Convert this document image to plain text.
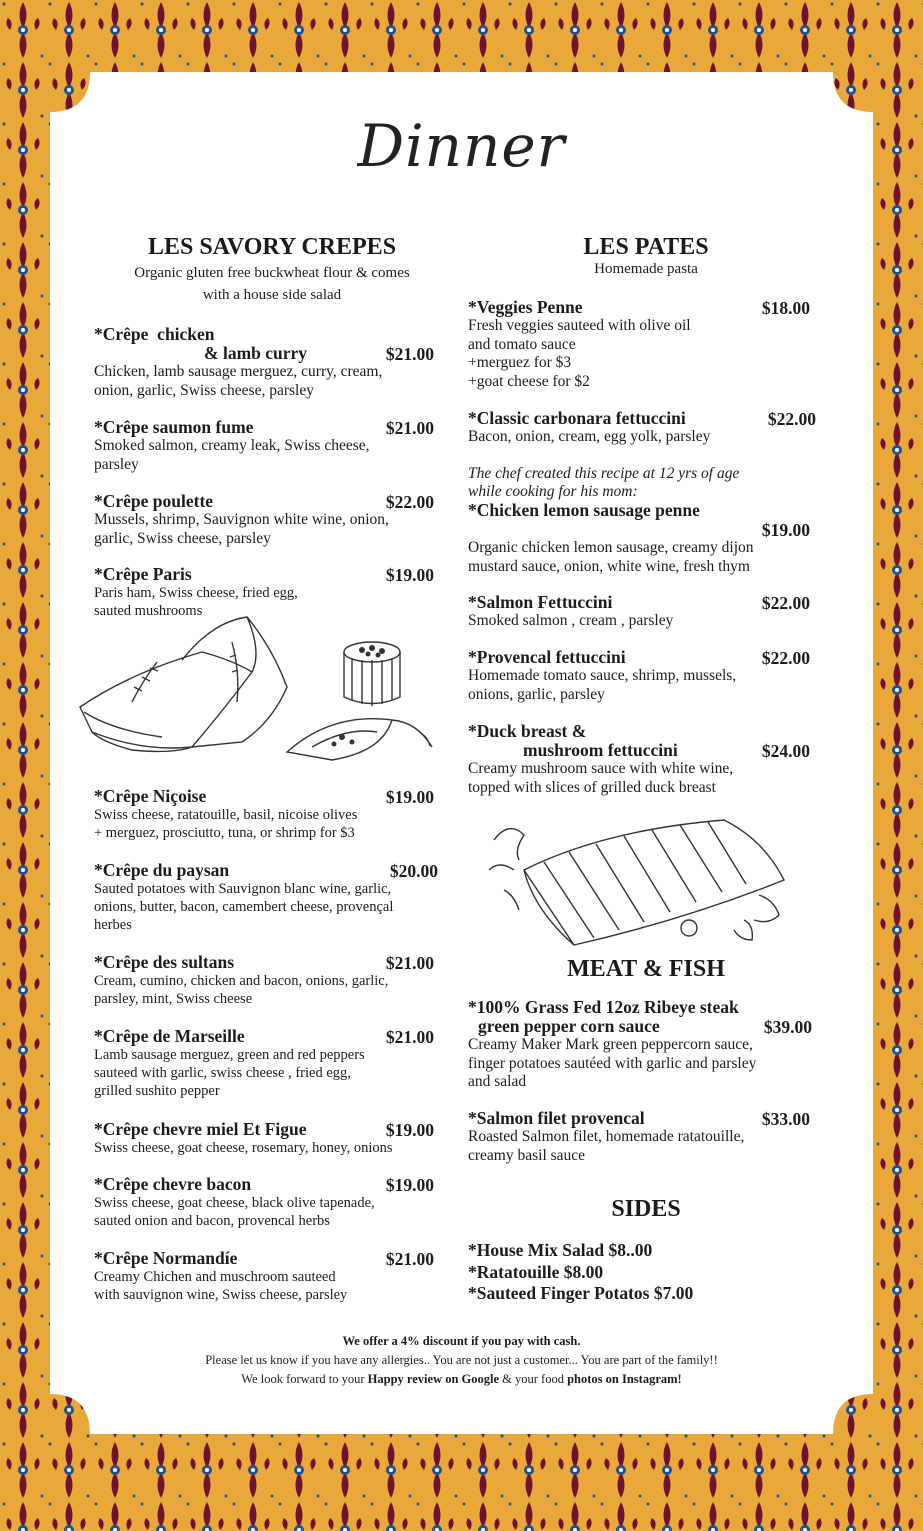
Dinner
LES SAVORY CREPES
Organic gluten free buckwheat flour & comes
with a house side salad
*Crêpe  chicken
& lamb curry	$21.00
Chicken, lamb sausage merguez, curry, cream,
onion, garlic, Swiss cheese, parsley
*Crêpe saumon fume	$21.00
Smoked salmon, creamy leak, Swiss cheese,
parsley
*Crêpe poulette	$22.00
Mussels, shrimp, Sauvignon white wine, onion,
garlic, Swiss cheese, parsley
*Crêpe Paris	$19.00
Paris ham, Swiss cheese, fried egg,
sauted mushrooms
*Crêpe Niçoise	$19.00
Swiss cheese, ratatouille, basil, nicoise olives
+ merguez, prosciutto, tuna, or shrimp for $3
*Crêpe du paysan	$20.00
Sauted potatoes with Sauvignon blanc wine, garlic,
onions, butter, bacon, camembert cheese, provençal
herbes
*Crêpe des sultans	$21.00
Cream, cumino, chicken and bacon, onions, garlic,
parsley, mint, Swiss cheese
*Crêpe de Marseille	$21.00
Lamb sausage merguez, green and red peppers
sauteed with garlic, swiss cheese , fried egg,
grilled sushito pepper
*Crêpe chevre miel Et Figue	$19.00
Swiss cheese, goat cheese, rosemary, honey, onions
*Crêpe chevre bacon	$19.00
Swiss cheese, goat cheese, black olive tapenade,
sauted onion and bacon, provencal herbs
*Crêpe Normandíe	$21.00
Creamy Chichen and muschroom sauteed
with sauvignon wine, Swiss cheese, parsley
LES PATES
Homemade pasta
*Veggies Penne	$18.00
Fresh veggies sauteed with olive oil
and tomato sauce
+merguez for $3
+goat cheese for $2
*Classic carbonara fettuccini	$22.00
Bacon, onion, cream, egg yolk, parsley
The chef created this recipe at 12 yrs of age
while cooking for his mom:
*Chicken lemon sausage penne
$19.00
Organic chicken lemon sausage, creamy dijon
mustard sauce, onion, white wine, fresh thym
*Salmon Fettuccini	$22.00
Smoked salmon , cream , parsley
*Provencal fettuccini	$22.00
Homemade tomato sauce, shrimp, mussels,
onions, garlic, parsley
*Duck breast &
mushroom fettuccini	$24.00
Creamy mushroom sauce with white wine,
topped with slices of grilled duck breast
MEAT & FISH
*100% Grass Fed 12oz Ribeye steak
green pepper corn sauce	$39.00
Creamy Maker Mark green peppercorn sauce,
finger potatoes sautéed with garlic and parsley
and salad
*Salmon filet provencal	$33.00
Roasted Salmon filet, homemade ratatouille,
creamy basil sauce
SIDES
*House Mix Salad $8..00
*Ratatouille $8.00
*Sauteed Finger Potatos $7.00
We offer a 4% discount if you pay with cash.
Please let us know if you have any allergies.. You are not just a customer... You are part of the family!!
We look forward to your Happy review on Google & your food photos on Instagram!
